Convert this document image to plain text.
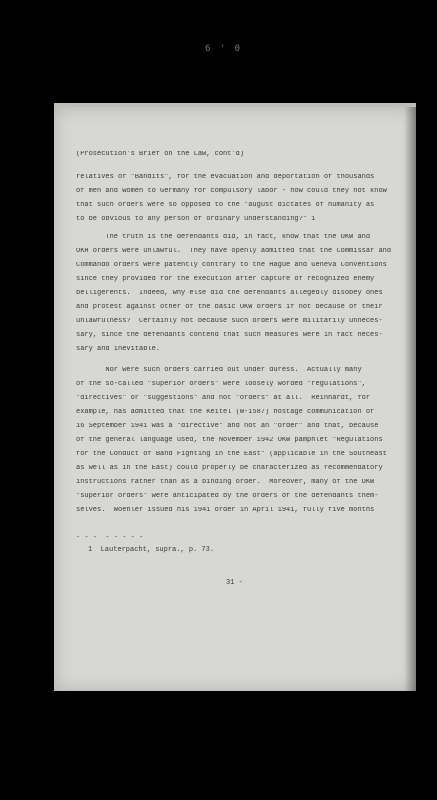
6 ' 0
(Prosecution's Brief on the Law, cont'd)
relatives of "Bandits", for the evacuation and deportation of thousands
of men and women to Germany for compulsory labor - how could they not know
that such orders were so opposed to the "august dictates of humanity as
to be obvious to any person of ordinary understanding?" 1
The truth is the defendants did, in fact, know that the OKW and
OKH orders were unlawful.  They have openly admitted that the Commissar and
Commando orders were patently contrary to the Hague and Geneva Conventions
since they provided for the execution after capture of recognized enemy
belligerents.  Indeed, why else did the defendants allegedly disobey ones
and protest against other of the basic OKW orders if not because of their
unlawfulness?  Certainly not because such orders were militarily unneces-
sary, since the defendants contend that such measures were in fact neces-
sary and inevitable.
Nor were such orders carried out under duress.  Actually many
of the so-called "superior orders" were loosely worded "regulations",
"directives" or "suggestions" and not "orders" at all.  Reinhardt, for
example, has admitted that the Keitel (W-1587) hostage communication of
16 September 1941 was a "directive" and not an "order" and that, because
of the general language used, the November 1942 OKW pamphlet "Regulations
for the Conduct of Band Fighting in the East" (applicable in the Southeast
as well as in the East) could properly be characterized as recommendatory
instructions rather than as a binding order.  Moreover, many of the OKW
"superior orders" were anticipated by the orders of the defendants them-
selves.  Woehler issued his 1941 order in April 1941, fully five months
- - -  - - - - -
1  Lauterpacht, supra., p. 73.
31 -
